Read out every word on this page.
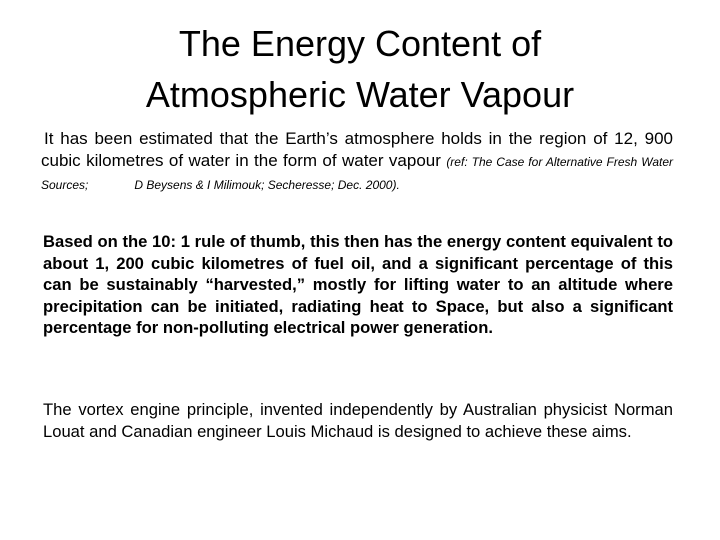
The Energy Content of
Atmospheric Water Vapour
It has been estimated that the Earth’s atmosphere holds in the region of 12, 900 cubic kilometres of water in the form of water vapour (ref: The Case for Alternative Fresh Water Sources;	D Beysens & I Milimouk; Secheresse; Dec. 2000).
Based on the 10: 1 rule of thumb, this then has the energy content equivalent to about 1, 200 cubic kilometres of fuel oil, and a significant percentage of this can be sustainably “harvested,” mostly for lifting water to an altitude where precipitation can be initiated, radiating heat to Space, but also a significant percentage for non-polluting electrical power generation.
The vortex engine principle, invented independently by Australian physicist Norman Louat and Canadian engineer Louis Michaud is designed to achieve these aims.
